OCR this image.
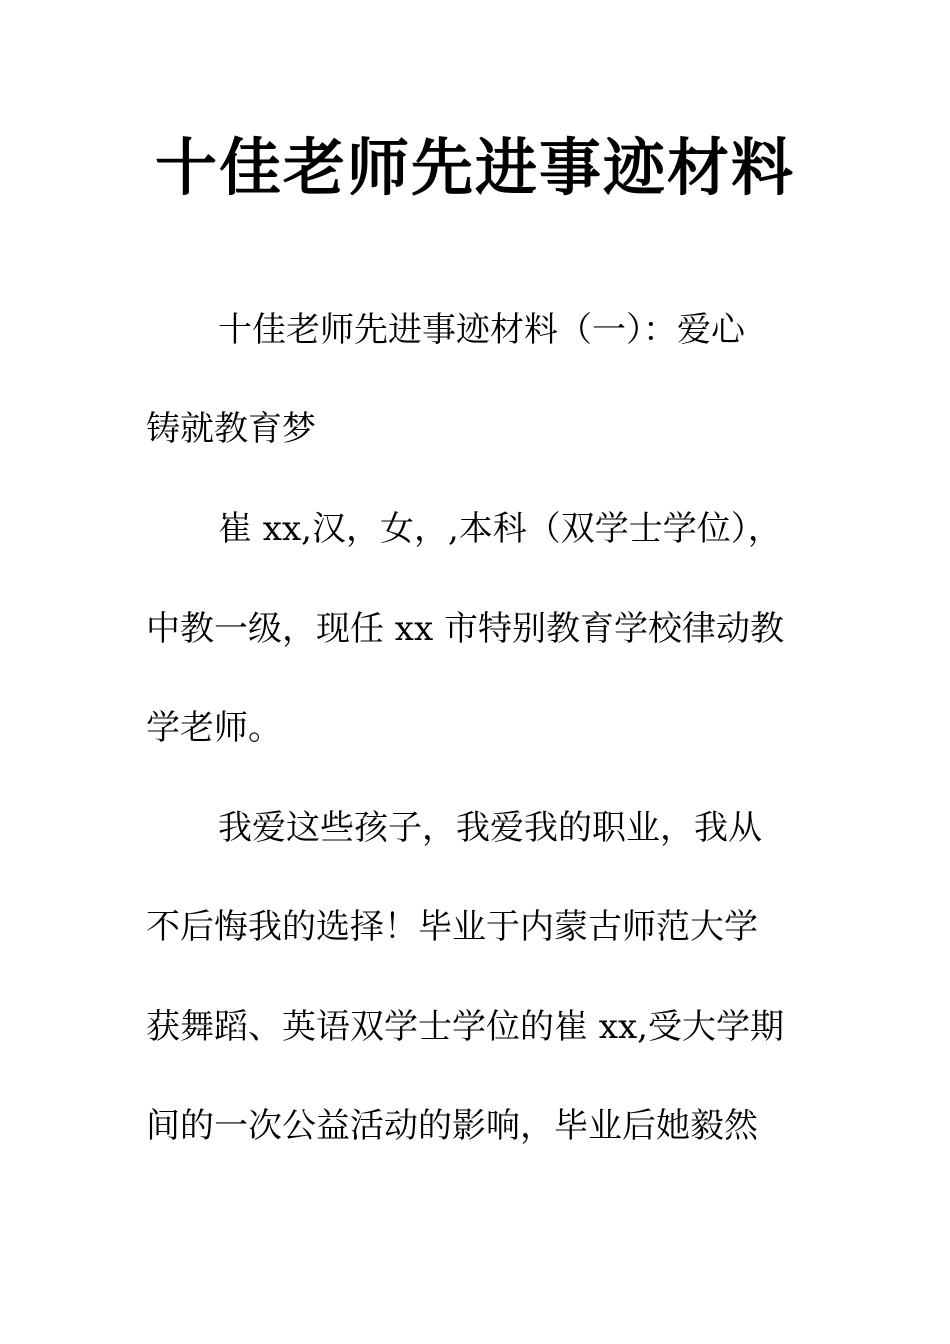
十佳老师先进事迹材料
十佳老师先进事迹材料（一）：爱心
铸就教育梦
崔 xx,汉，女，,本科（双学士学位），
中教一级，现任 xx 市特别教育学校律动教
学老师。
我爱这些孩子，我爱我的职业，我从
不后悔我的选择！毕业于内蒙古师范大学
获舞蹈、英语双学士学位的崔 xx,受大学期
间的一次公益活动的影响，毕业后她毅然
